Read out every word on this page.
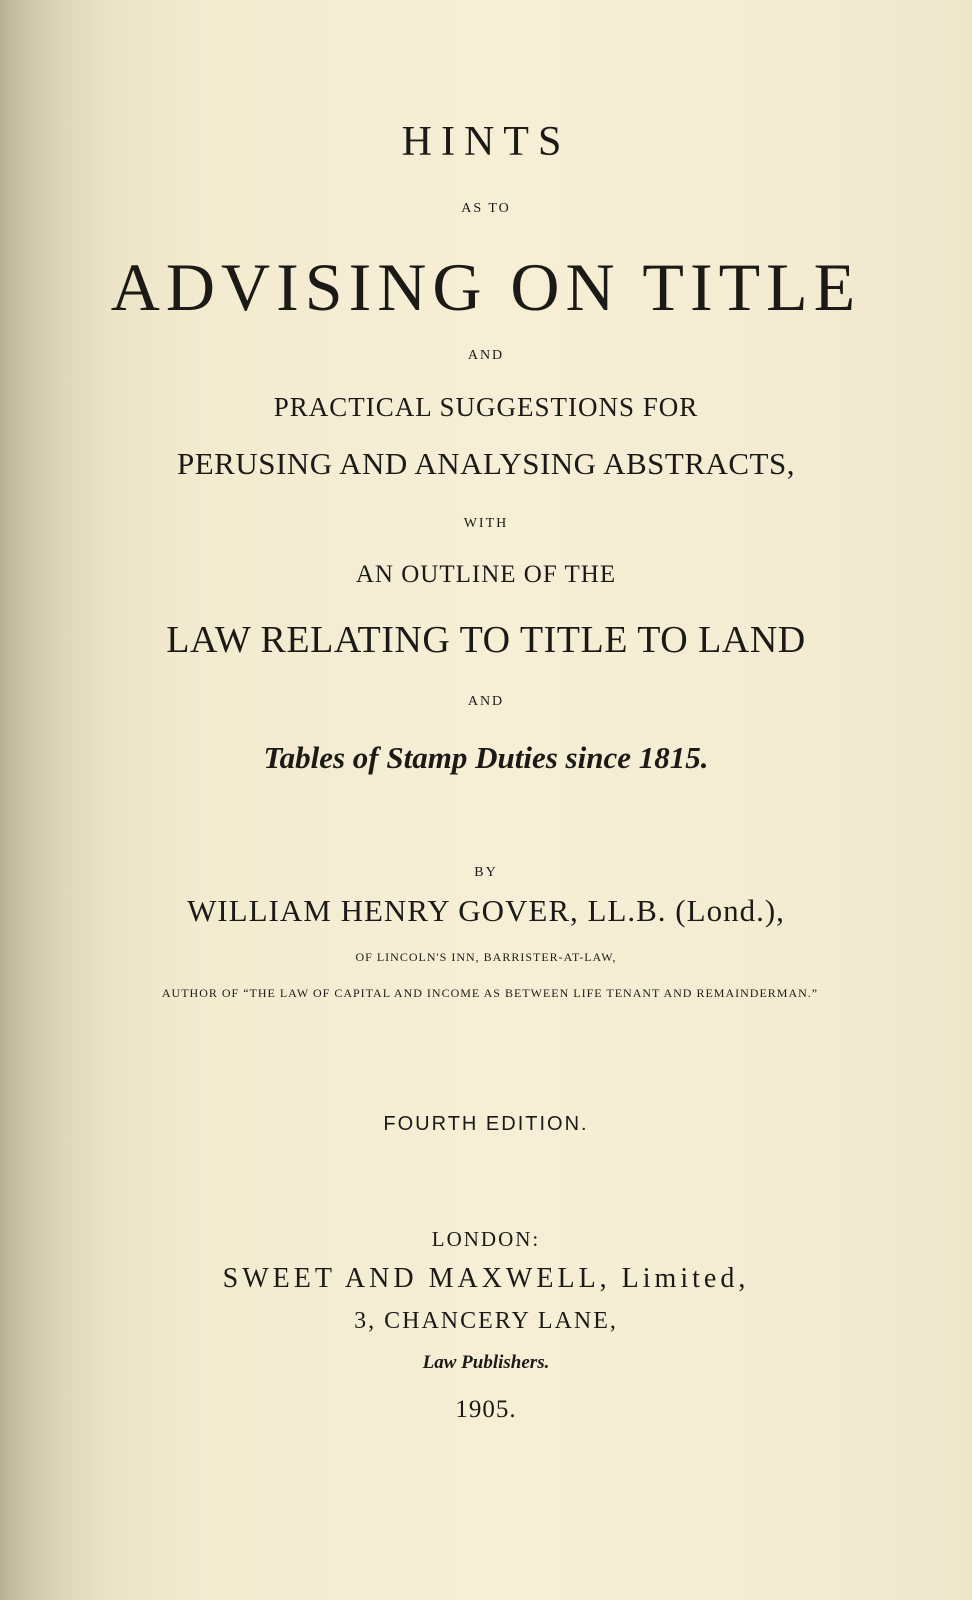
HINTS
AS TO
ADVISING ON TITLE
AND
PRACTICAL SUGGESTIONS FOR
PERUSING AND ANALYSING ABSTRACTS,
WITH
AN OUTLINE OF THE
LAW RELATING TO TITLE TO LAND
AND
Tables of Stamp Duties since 1815.
BY
WILLIAM HENRY GOVER, LL.B. (Lond.),
OF LINCOLN'S INN, BARRISTER-AT-LAW,
AUTHOR OF “THE LAW OF CAPITAL AND INCOME AS BETWEEN LIFE TENANT AND REMAINDERMAN.”
FOURTH EDITION.
LONDON:
SWEET AND MAXWELL, Limited,
3, CHANCERY LANE,
Law Publishers.
1905.
